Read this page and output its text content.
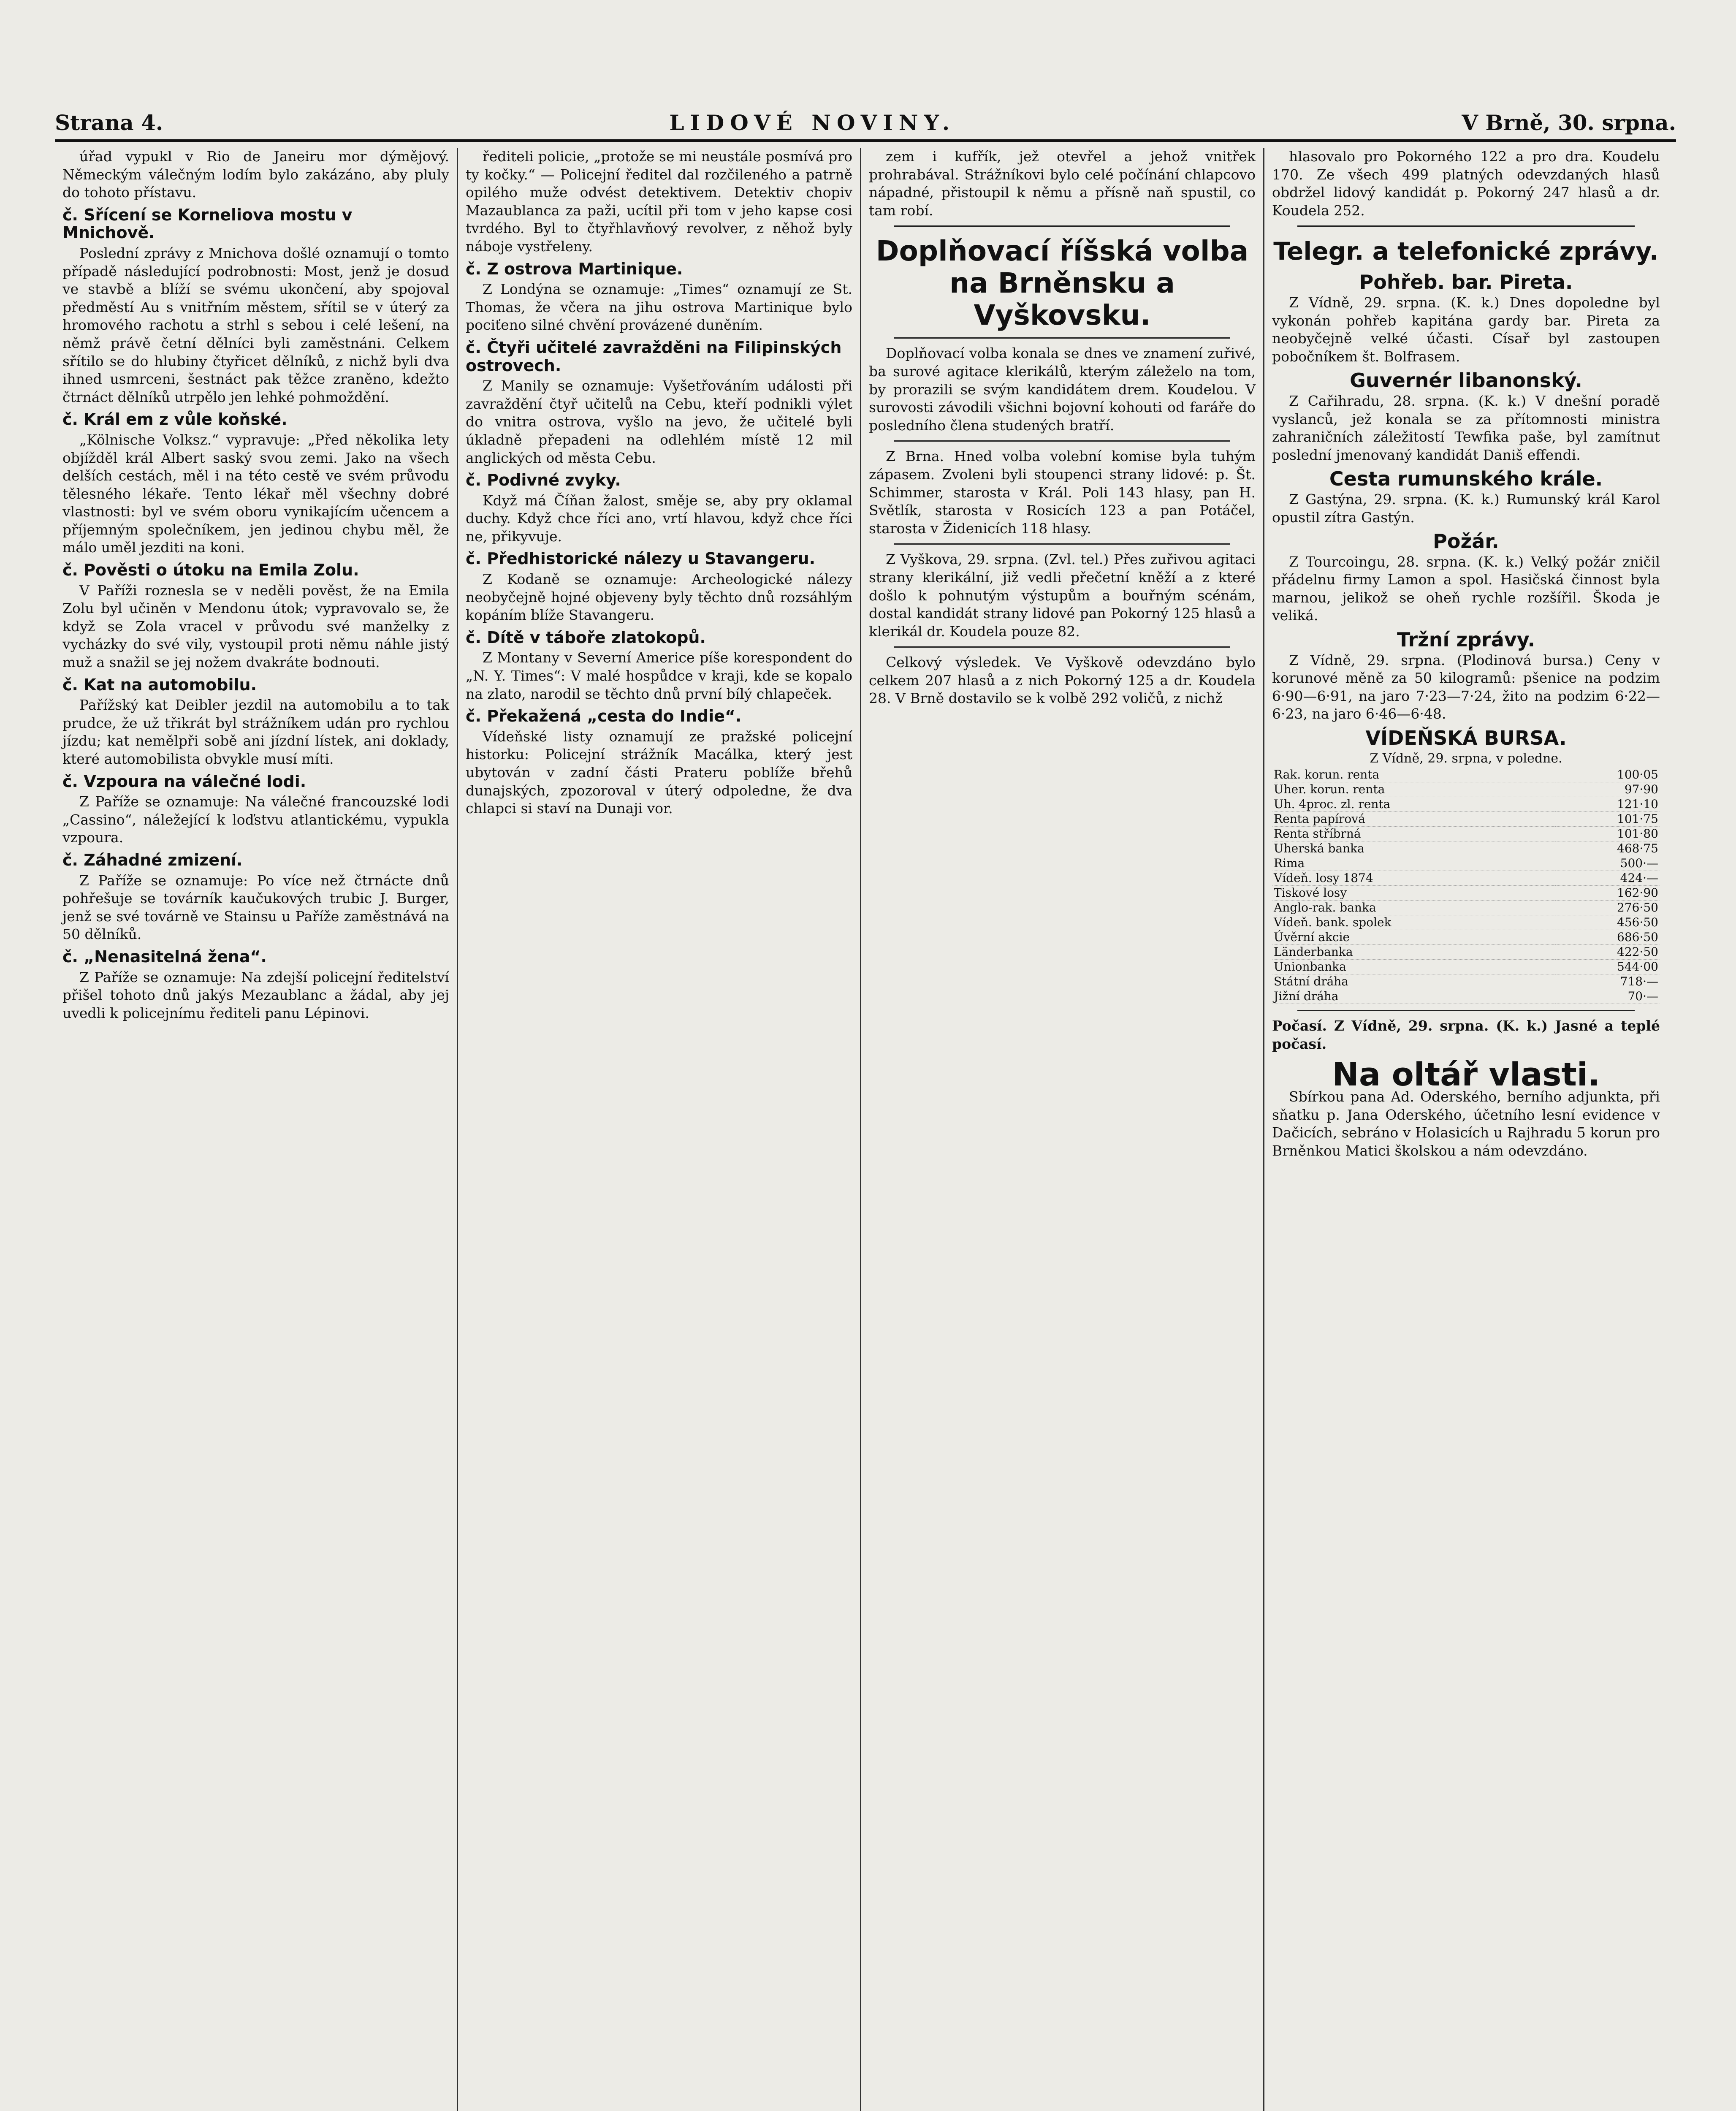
Strana 4.	LIDOVÉ NOVINY.	V Brně, 30. srpna.

úřad vypukl v Rio de Janeiru mor dýmějový. Německým válečným lodím bylo zakázáno, aby pluly do tohoto přístavu.

č. Sřícení se Korneliova mostu v Mnichově.

Poslední zprávy z Mnichova došlé oznamují o tomto případě následující podrobnosti: Most, jenž je dosud ve stavbě a blíží se svému ukončení, aby spojoval předměstí Au s vnitřním městem, sřítil se v úterý za hromového rachotu a strhl s sebou i celé lešení, na němž právě četní dělníci byli zaměstnáni. Celkem sřítilo se do hlubiny čtyřicet dělníků, z nichž byli dva ihned usmrceni, šestnáct pak těžce zraněno, kdežto čtrnáct dělníků utrpělo jen lehké pohmoždění.

č. Král em z vůle koňské.

„Kölnische Volksz.“ vypravuje: „Před několika lety objížděl král Albert saský svou zemi. Jako na všech delších cestách, měl i na této cestě ve svém průvodu tělesného lékaře. Tento lékař měl všechny dobré vlastnosti: byl ve svém oboru vynikajícím učencem a příjemným společníkem, jen jedinou chybu měl, že málo uměl jezditi na koni.

č. Pověsti o útoku na Emila Zolu.

V Paříži roznesla se v neděli pověst, že na Emila Zolu byl učiněn v Mendonu útok; vypravovalo se, že když se Zola vracel v průvodu své manželky z vycházky do své vily, vystoupil proti němu náhle jistý muž a snažil se jej nožem dvakráte bodnouti.

č. Kat na automobilu.

Pařížský kat Deibler jezdil na automobilu a to tak prudce, že už třikrát byl strážníkem udán pro rychlou jízdu; kat nemělpři sobě ani jízdní lístek, ani doklady, které automobilista obvykle musí míti.

č. Vzpoura na válečné lodi.

Z Paříže se oznamuje: Na válečné francouzské lodi „Cassino“, náležející k loďstvu atlantickému, vypukla vzpoura.

č. Záhadné zmizení.

Z Paříže se oznamuje: Po více než čtrnácte dnů pohřešuje se továrník kaučukových trubic J. Burger, jenž se své továrně ve Stainsu u Paříže zaměstnává na 50 dělníků.

č. „Nenasitelná žena“.

Z Paříže se oznamuje: Na zdejší policejní ředitelství přišel tohoto dnů jakýs Mezaublanc a žádal, aby jej uvedli k policejnímu řediteli panu Lépinovi.

řediteli policie, „protože se mi neustále posmívá pro ty kočky.“ — Policejní ředitel dal rozčileného a patrně opilého muže odvést detektivem. Detektiv chopiv Mazaublanca za paži, ucítil při tom v jeho kapse cosi tvrdého. Byl to čtyřhlavňový revolver, z něhož byly náboje vystřeleny.

č. Z ostrova Martinique.

Z Londýna se oznamuje: „Times“ oznamují ze St. Thomas, že včera na jihu ostrova Martinique bylo pociťeno silné chvění provázené duněním.

č. Čtyři učitelé zavražděni na Filipinských ostrovech.

Z Manily se oznamuje: Vyšetřováním události při zavraždění čtyř učitelů na Cebu, kteří podnikli výlet do vnitra ostrova, vyšlo na jevo, že učitelé byli úkladně přepadeni na odlehlém místě 12 mil anglických od města Cebu.

č. Podivné zvyky.

Když má Číňan žalost, směje se, aby pry oklamal duchy. Když chce říci ano, vrtí hlavou, když chce říci ne, přikyvuje.

č. Předhistorické nálezy u Stavangeru.

Z Kodaně se oznamuje: Archeologické nálezy neobyčejně hojné objeveny byly těchto dnů rozsáhlým kopáním blíže Stavangeru.

č. Dítě v táboře zlatokopů.

Z Montany v Severní Americe píše korespondent do „N. Y. Times“: V malé hospůdce v kraji, kde se kopalo na zlato, narodil se těchto dnů první bílý chlapeček.

č. Překažená „cesta do Indie“.

Vídeňské listy oznamují ze pražské policejní historku: Policejní strážník Macálka, který jest ubytován v zadní části Prateru poblíže břehů dunajských, zpozoroval v úterý odpoledne, že dva chlapci si staví na Dunaji vor.

zem i kufřík, jež otevřel a jehož vnitřek prohrabával. Strážníkovi bylo celé počínání chlapcovo nápadné, přistoupil k němu a přísně naň spustil, co tam robí.

Doplňovací říšská volba na Brněnsku a Vyškovsku.

Doplňovací volba konala se dnes ve znamení zuřivé, ba surové agitace klerikálů, kterým záleželo na tom, by prorazili se svým kandidátem drem. Koudelou. V surovosti závodili všichni bojovní kohouti od faráře do posledního člena studených bratří.

Z Brna. Hned volba volební komise byla tuhým zápasem. Zvoleni byli stoupenci strany lidové: p. Št. Schimmer, starosta v Král. Poli 143 hlasy, pan H. Světlík, starosta v Rosicích 123 a pan Potáčel, starosta v Židenicích 118 hlasy.

Z Vyškova, 29. srpna. (Zvl. tel.) Přes zuřivou agitaci strany klerikální, již vedli přečetní kněží a z které došlo k pohnutým výstupům a bouřným scénám, dostal kandidát strany lidové pan Pokorný 125 hlasů a klerikál dr. Koudela pouze 82.

Celkový výsledek. Ve Vyškově odevzdáno bylo celkem 207 hlasů a z nich Pokorný 125 a dr. Koudela 28. V Brně dostavilo se k volbě 292 voličů, z nichž

hlasovalo pro Pokorného 122 a pro dra. Koudelu 170. Ze všech 499 platných odevzdaných hlasů obdržel lidový kandidát p. Pokorný 247 hlasů a dr. Koudela 252.

Telegr. a telefonické zprávy.
Pohřeb. bar. Pireta.

Z Vídně, 29. srpna. (K. k.) Dnes dopoledne byl vykonán pohřeb kapitána gardy bar. Pireta za neobyčejně velké účasti. Císař byl zastoupen pobočníkem št. Bolfrasem.

Guvernér libanonský.

Z Cařihradu, 28. srpna. (K. k.) V dnešní poradě vyslanců, jež konala se za přítomnosti ministra zahraničních záležitostí Tewfika paše, byl zamítnut poslední jmenovaný kandidát Daniš effendi.

Cesta rumunského krále.

Z Gastýna, 29. srpna. (K. k.) Rumunský král Karol opustil zítra Gastýn.

Požár.

Z Tourcoingu, 28. srpna. (K. k.) Velký požár zničil přádelnu firmy Lamon a spol. Hasičská činnost byla marnou, jelikož se oheň rychle rozšířil. Škoda je veliká.

Tržní zprávy.

Z Vídně, 29. srpna. (Plodinová bursa.) Ceny v korunové měně za 50 kilogramů: pšenice na podzim 6·90—6·91, na jaro 7·23—7·24, žito na podzim 6·22—6·23, na jaro 6·46—6·48.

VÍDEŇSKÁ BURSA.
Z Vídně, 29. srpna, v poledne.
Rak. korun. renta	100·05
Uher. korun. renta	97·90
Uh. 4proc. zl. renta	121·10
Renta papírová	101·75
Renta stříbrná	101·80
Uherská banka	468·75
Rima	500·—
Vídeň. losy 1874	424·—
Tiskové losy	162·90
Anglo-rak. banka	276·50
Vídeň. bank. spolek	456·50
Úvěrní akcie	686·50
Länderbanka	422·50
Unionbanka	544·00
Státní dráha	718·—
Jižní dráha	70·—

Počasí. Z Vídně, 29. srpna. (K. k.) Jasné a teplé počasí.

Na oltář vlasti.

Sbírkou pana Ad. Oderského, berního adjunkta, při sňatku p. Jana Oderského, účetního lesní evidence v Dačicích, sebráno v Holasicích u Rajhradu 5 korun pro Brněnkou Matici školskou a nám odevzdáno.
